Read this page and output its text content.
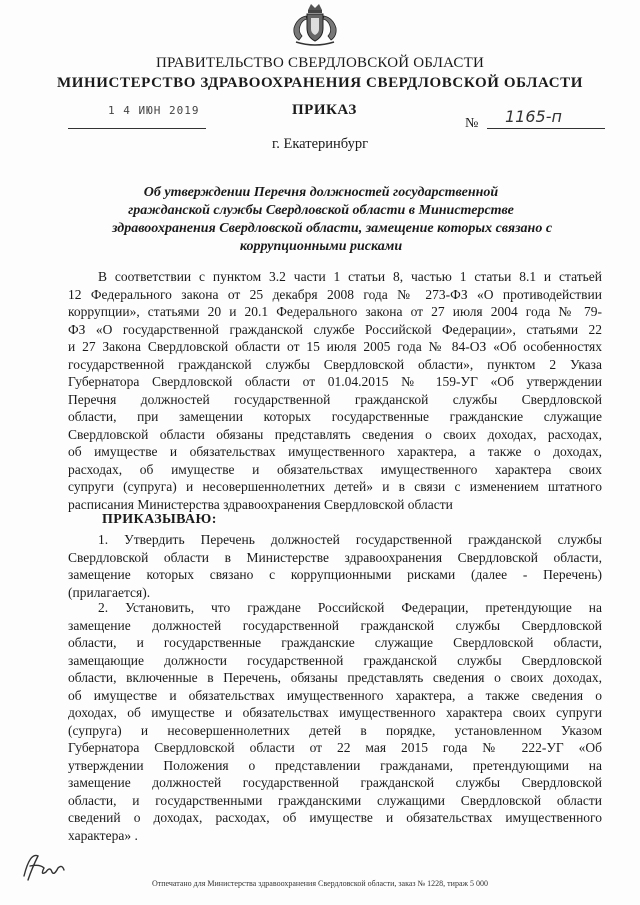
ПРАВИТЕЛЬСТВО СВЕРДЛОВСКОЙ ОБЛАСТИ
МИНИСТЕРСТВО ЗДРАВООХРАНЕНИЯ СВЕРДЛОВСКОЙ ОБЛАСТИ
1 4 ИЮН 2019	ПРИКАЗ
№ 1165-п
г. Екатеринбург
Об утверждении Перечня должностей государственной
гражданской службы Свердловской области в Министерстве
здравоохранения Свердловской области, замещение которых связано с
коррупционными рисками
В соответствии с пунктом 3.2 части 1 статьи 8, частью 1 статьи 8.1 и статьей
12 Федерального закона от 25 декабря 2008 года № 273-ФЗ «О противодействии
коррупции», статьями 20 и 20.1 Федерального закона от 27 июля 2004 года № 79-
ФЗ «О государственной гражданской службе Российской Федерации», статьями 22
и 27 Закона Свердловской области от 15 июля 2005 года № 84-ОЗ «Об особенностях
государственной гражданской службы Свердловской области», пунктом 2 Указа
Губернатора Свердловской области от 01.04.2015 № 159-УГ «Об утверждении
Перечня должностей государственной гражданской службы Свердловской
области, при замещении которых государственные гражданские служащие
Свердловской области обязаны представлять сведения о своих доходах, расходах,
об имуществе и обязательствах имущественного характера, а также о доходах,
расходах, об имуществе и обязательствах имущественного характера своих
супруги (супруга) и несовершеннолетних детей» и в связи с изменением штатного
расписания Министерства здравоохранения Свердловской области
ПРИКАЗЫВАЮ:
1. Утвердить Перечень должностей государственной гражданской службы
Свердловской области в Министерстве здравоохранения Свердловской области,
замещение которых связано с коррупционными рисками (далее - Перечень)
(прилагается).
2. Установить, что граждане Российской Федерации, претендующие на
замещение должностей государственной гражданской службы Свердловской
области, и государственные гражданские служащие Свердловской области,
замещающие должности государственной гражданской службы Свердловской
области, включенные в Перечень, обязаны представлять сведения о своих доходах,
об имуществе и обязательствах имущественного характера, а также сведения о
доходах, об имуществе и обязательствах имущественного характера своих супруги
(супруга) и несовершеннолетних детей в порядке, установленном Указом
Губернатора Свердловской области от 22 мая 2015 года № 222-УГ «Об
утверждении Положения о представлении гражданами, претендующими на
замещение должностей государственной гражданской службы Свердловской
области, и государственными гражданскими служащими Свердловской области
сведений о доходах, расходах, об имуществе и обязательствах имущественного
характера» .
Отпечатано для Министерства здравоохранения Свердловской области, заказ № 1228, тираж 5 000
